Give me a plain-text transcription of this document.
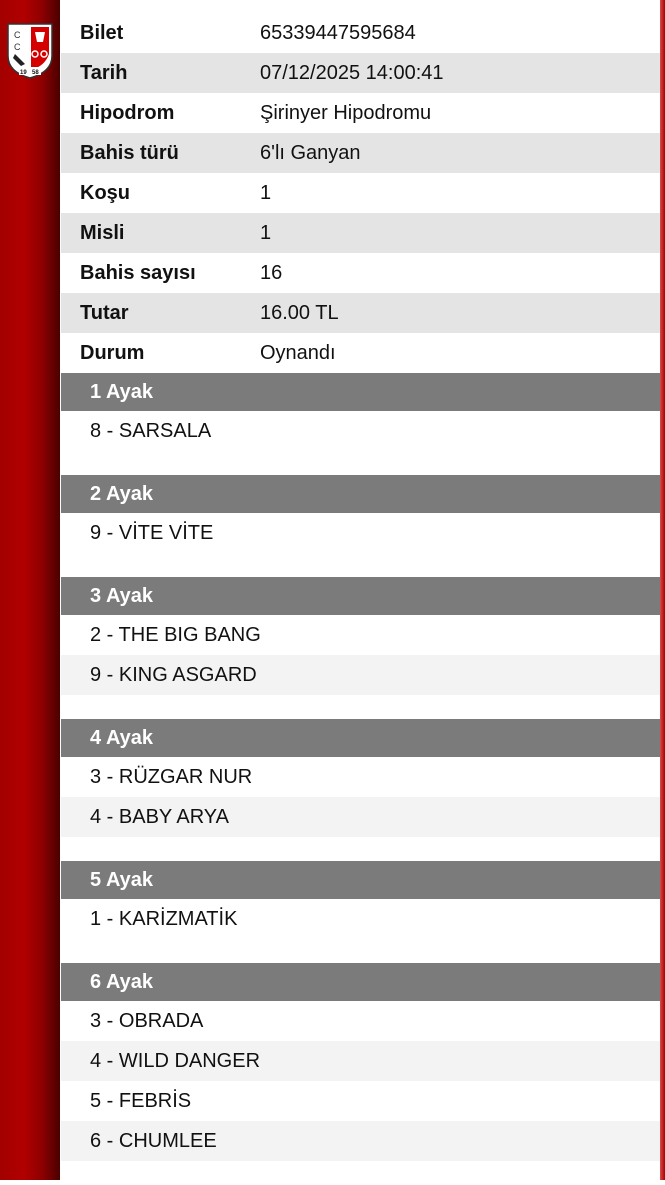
C
C
19 58
Bilet	65339447595684
Tarih	07/12/2025 14:00:41
Hipodrom	Şirinyer Hipodromu
Bahis türü	6'lı Ganyan
Koşu	1
Misli	1
Bahis sayısı	16
Tutar	16.00 TL
Durum	Oynandı
1 Ayak
8 - SARSALA
2 Ayak
9 - VİTE VİTE
3 Ayak
2 - THE BIG BANG
9 - KING ASGARD
4 Ayak
3 - RÜZGAR NUR
4 - BABY ARYA
5 Ayak
1 - KARİZMATİK
6 Ayak
3 - OBRADA
4 - WILD DANGER
5 - FEBRİS
6 - CHUMLEE
